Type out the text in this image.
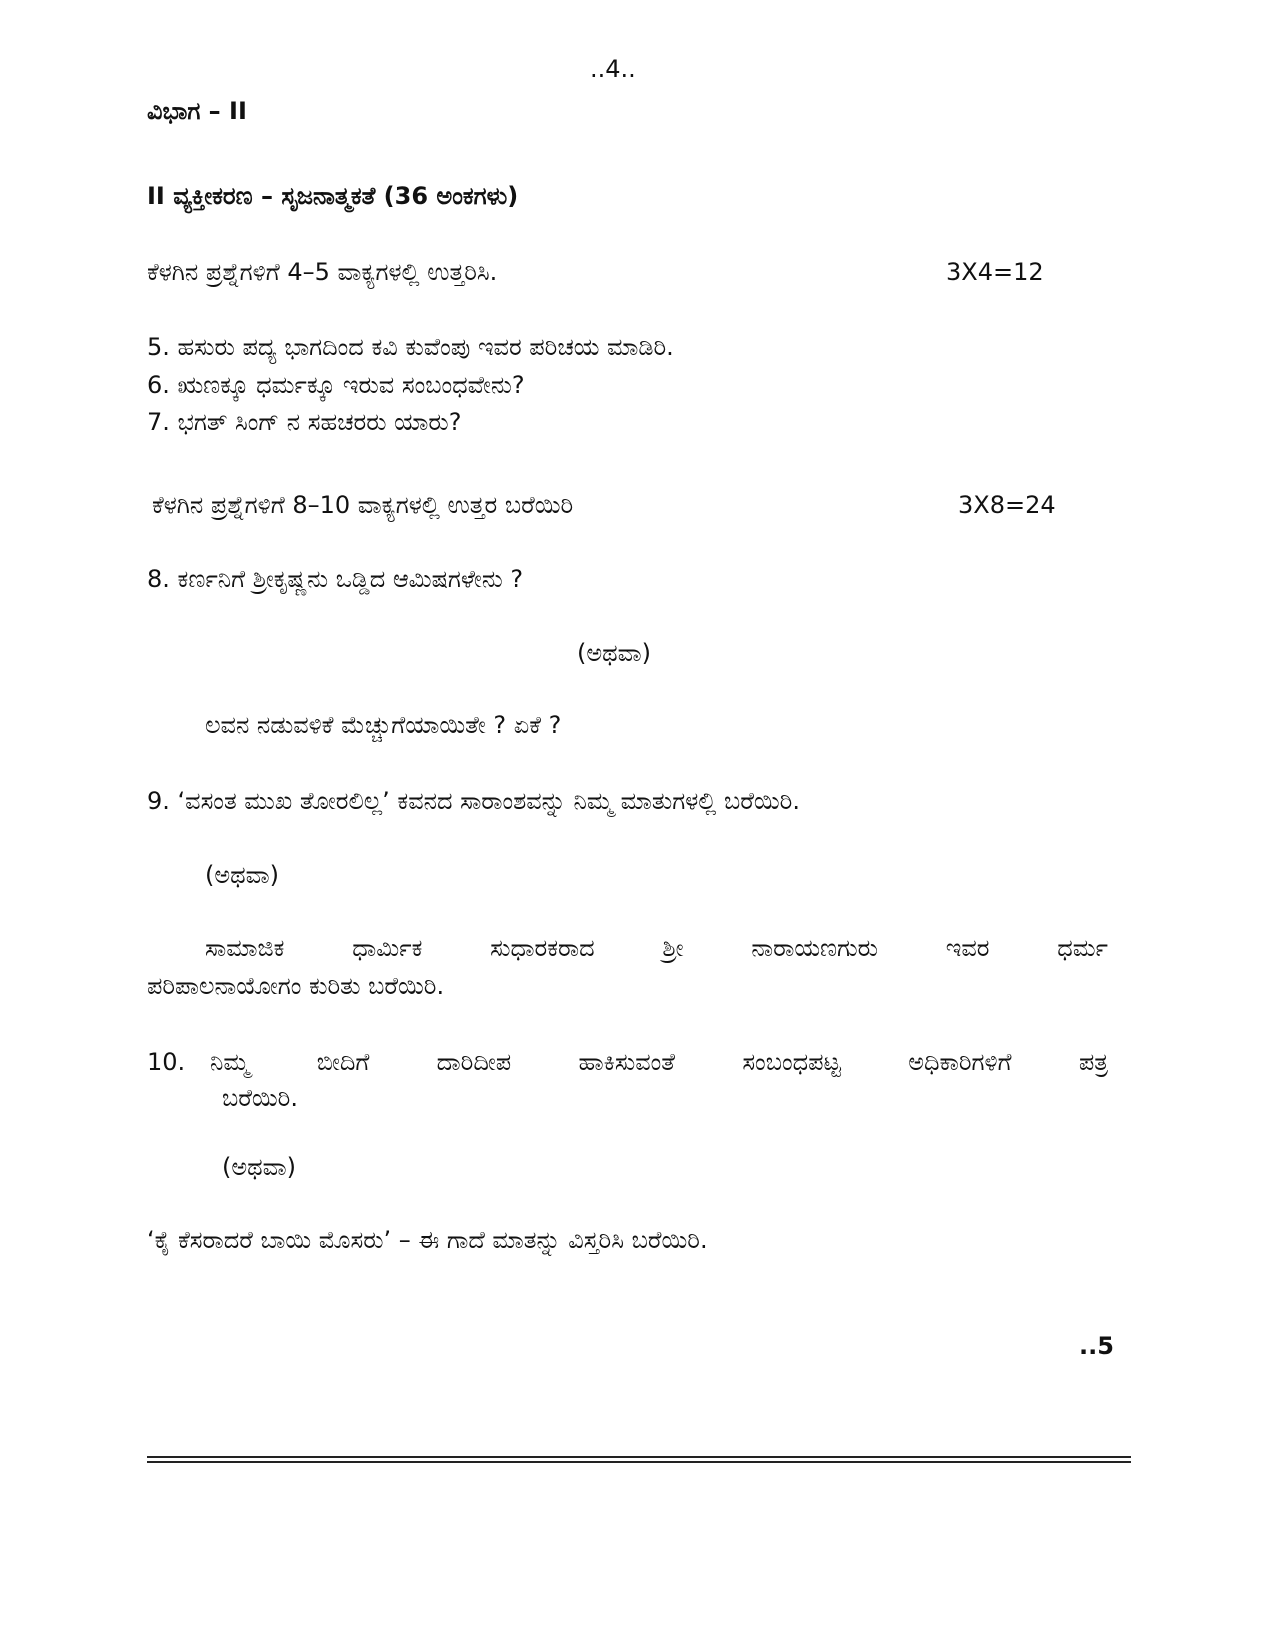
..4..
ವಿಭಾಗ – II
II ವ್ಯಕ್ತೀಕರಣ – ಸೃಜನಾತ್ಮಕತೆ (36 ಅಂಕಗಳು)
ಕೆಳಗಿನ ಪ್ರಶ್ನೆಗಳಿಗೆ 4–5 ವಾಕ್ಯಗಳಲ್ಲಿ ಉತ್ತರಿಸಿ.	3X4=12
5. ಹಸುರು ಪದ್ಯ ಭಾಗದಿಂದ ಕವಿ ಕುವೆಂಪು ಇವರ ಪರಿಚಯ ಮಾಡಿರಿ.
6. ಋಣಕ್ಕೂ ಧರ್ಮಕ್ಕೂ ಇರುವ ಸಂಬಂಧವೇನು?
7. ಭಗತ್ ಸಿಂಗ್ ನ ಸಹಚರರು ಯಾರು?
ಕೆಳಗಿನ ಪ್ರಶ್ನೆಗಳಿಗೆ 8–10 ವಾಕ್ಯಗಳಲ್ಲಿ ಉತ್ತರ ಬರೆಯಿರಿ	3X8=24
8. ಕರ್ಣನಿಗೆ ಶ್ರೀಕೃಷ್ಣನು ಒಡ್ಡಿದ ಆಮಿಷಗಳೇನು ?
(ಅಥವಾ)
ಲವನ ನಡುವಳಿಕೆ ಮೆಚ್ಚುಗೆಯಾಯಿತೇ ? ಏಕೆ ?
9. ‘ವಸಂತ ಮುಖ ತೋರಲಿಲ್ಲ’ ಕವನದ ಸಾರಾಂಶವನ್ನು ನಿಮ್ಮ ಮಾತುಗಳಲ್ಲಿ ಬರೆಯಿರಿ.
(ಅಥವಾ)
ಸಾಮಾಜಿಕ ಧಾರ್ಮಿಕ ಸುಧಾರಕರಾದ ಶ್ರೀ ನಾರಾಯಣಗುರು ಇವರ ಧರ್ಮ
ಪರಿಪಾಲನಾಯೋಗಂ ಕುರಿತು ಬರೆಯಿರಿ.
10. ನಿಮ್ಮ ಬೀದಿಗೆ ದಾರಿದೀಪ ಹಾಕಿಸುವಂತೆ ಸಂಬಂಧಪಟ್ಟ ಅಧಿಕಾರಿಗಳಿಗೆ ಪತ್ರ
ಬರೆಯಿರಿ.
(ಅಥವಾ)
‘ಕೈ ಕೆಸರಾದರೆ ಬಾಯಿ ಮೊಸರು’ – ಈ ಗಾದೆ ಮಾತನ್ನು ವಿಸ್ತರಿಸಿ ಬರೆಯಿರಿ.
..5
